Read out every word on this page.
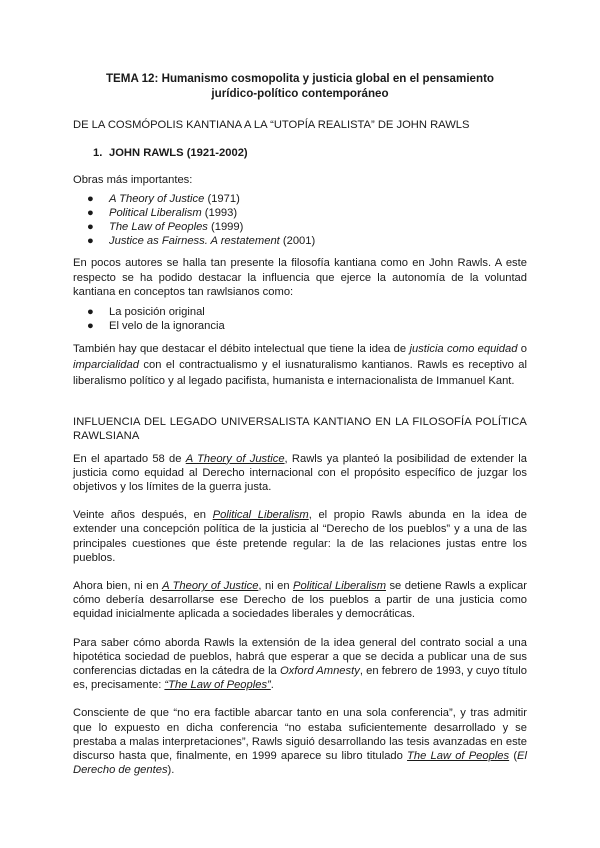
TEMA 12: Humanismo cosmopolita y justicia global en el pensamiento
jurídico-político contemporáneo

DE LA COSMÓPOLIS KANTIANA A LA “UTOPÍA REALISTA” DE JOHN RAWLS

1. JOHN RAWLS (1921-2002)

Obras más importantes:

● A Theory of Justice (1971)
● Political Liberalism (1993)
● The Law of Peoples (1999)
● Justice as Fairness. A restatement (2001)

En pocos autores se halla tan presente la filosofía kantiana como en John Rawls. A este respecto se ha podido destacar la influencia que ejerce la autonomía de la voluntad kantiana en conceptos tan rawlsianos como:

● La posición original
● El velo de la ignorancia

También hay que destacar el débito intelectual que tiene la idea de justicia como equidad o imparcialidad con el contractualismo y el iusnaturalismo kantianos. Rawls es receptivo al liberalismo político y al legado pacifista, humanista e internacionalista de Immanuel Kant.

INFLUENCIA DEL LEGADO UNIVERSALISTA KANTIANO EN LA FILOSOFÍA POLÍTICA RAWLSIANA

En el apartado 58 de A Theory of Justice, Rawls ya planteó la posibilidad de extender la justicia como equidad al Derecho internacional con el propósito específico de juzgar los objetivos y los límites de la guerra justa.

Veinte años después, en Political Liberalism, el propio Rawls abunda en la idea de extender una concepción política de la justicia al “Derecho de los pueblos” y a una de las principales cuestiones que éste pretende regular: la de las relaciones justas entre los pueblos.

Ahora bien, ni en A Theory of Justice, ni en Political Liberalism se detiene Rawls a explicar cómo debería desarrollarse ese Derecho de los pueblos a partir de una justicia como equidad inicialmente aplicada a sociedades liberales y democráticas.

Para saber cómo aborda Rawls la extensión de la idea general del contrato social a una hipotética sociedad de pueblos, habrá que esperar a que se decida a publicar una de sus conferencias dictadas en la cátedra de la Oxford Amnesty, en febrero de 1993, y cuyo título es, precisamente: “The Law of Peoples”.

Consciente de que “no era factible abarcar tanto en una sola conferencia”, y tras admitir que lo expuesto en dicha conferencia “no estaba suficientemente desarrollado y se prestaba a malas interpretaciones”, Rawls siguió desarrollando las tesis avanzadas en este discurso hasta que, finalmente, en 1999 aparece su libro titulado The Law of Peoples (El Derecho de gentes).
